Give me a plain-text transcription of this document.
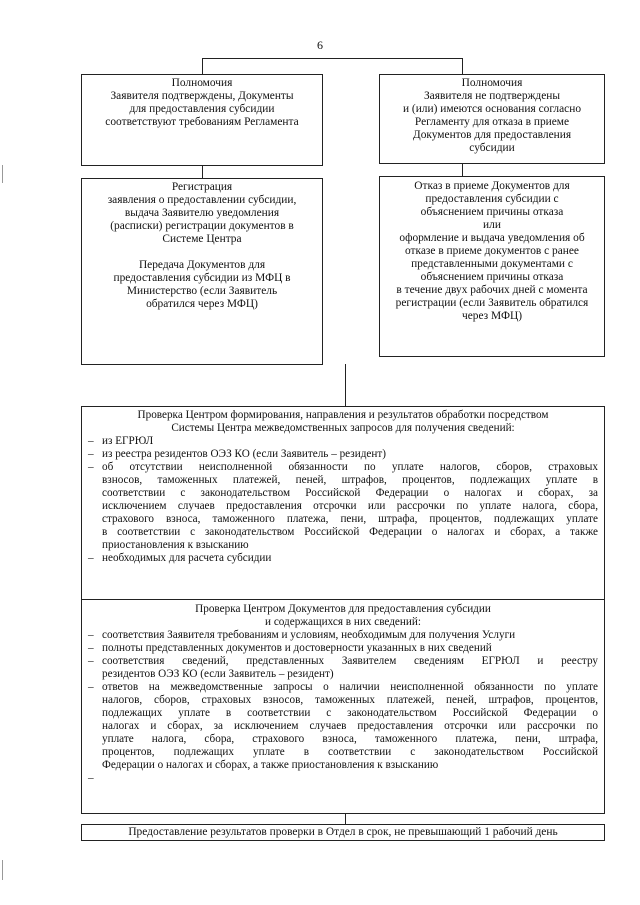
6
Полномочия
Заявителя подтверждены, Документы
для предоставления субсидии
соответствуют требованиям Регламента
Полномочия
Заявителя не подтверждены
и (или) имеются основания согласно
Регламенту для отказа в приеме
Документов для предоставления
субсидии
Регистрация
заявления о предоставлении субсидии,
выдача Заявителю уведомления
(расписки) регистрации документов в
Системе Центра
Передача Документов для
предоставления субсидии из МФЦ в
Министерство (если Заявитель
обратился через МФЦ)
Отказ в приеме Документов для
предоставления субсидии с
объяснением причины отказа
или
оформление и выдача уведомления об
отказе в приеме документов с ранее
представленными документами с
объяснением причины отказа
в течение двух рабочих дней с момента
регистрации (если Заявитель обратился
через МФЦ)
Проверка Центром формирования, направления и результатов обработки посредством
Системы Центра межведомственных запросов для получения сведений:
– из ЕГРЮЛ
– из реестра резидентов ОЭЗ КО (если Заявитель – резидент)
– об отсутствии неисполненной обязанности по уплате налогов, сборов, страховых
взносов, таможенных платежей, пеней, штрафов, процентов, подлежащих уплате в
соответствии с законодательством Российской Федерации о налогах и сборах, за
исключением случаев предоставления отсрочки или рассрочки по уплате налога, сбора,
страхового взноса, таможенного платежа, пени, штрафа, процентов, подлежащих уплате
в соответствии с законодательством Российской Федерации о налогах и сборах, а также
приостановления к взысканию
– необходимых для расчета субсидии
Проверка Центром Документов для предоставления субсидии
и содержащихся в них сведений:
– соответствия Заявителя требованиям и условиям, необходимым для получения Услуги
– полноты представленных документов и достоверности указанных в них сведений
– соответствия сведений, представленных Заявителем сведениям ЕГРЮЛ и реестру
резидентов ОЭЗ КО (если Заявитель – резидент)
– ответов на межведомственные запросы о наличии неисполненной обязанности по уплате
налогов, сборов, страховых взносов, таможенных платежей, пеней, штрафов, процентов,
подлежащих уплате в соответствии с законодательством Российской Федерации о
налогах и сборах, за исключением случаев предоставления отсрочки или рассрочки по
уплате налога, сбора, страхового взноса, таможенного платежа, пени, штрафа,
процентов, подлежащих уплате в соответствии с законодательством Российской
Федерации о налогах и сборах, а также приостановления к взысканию
–
Предоставление результатов проверки в Отдел в срок, не превышающий 1 рабочий день
